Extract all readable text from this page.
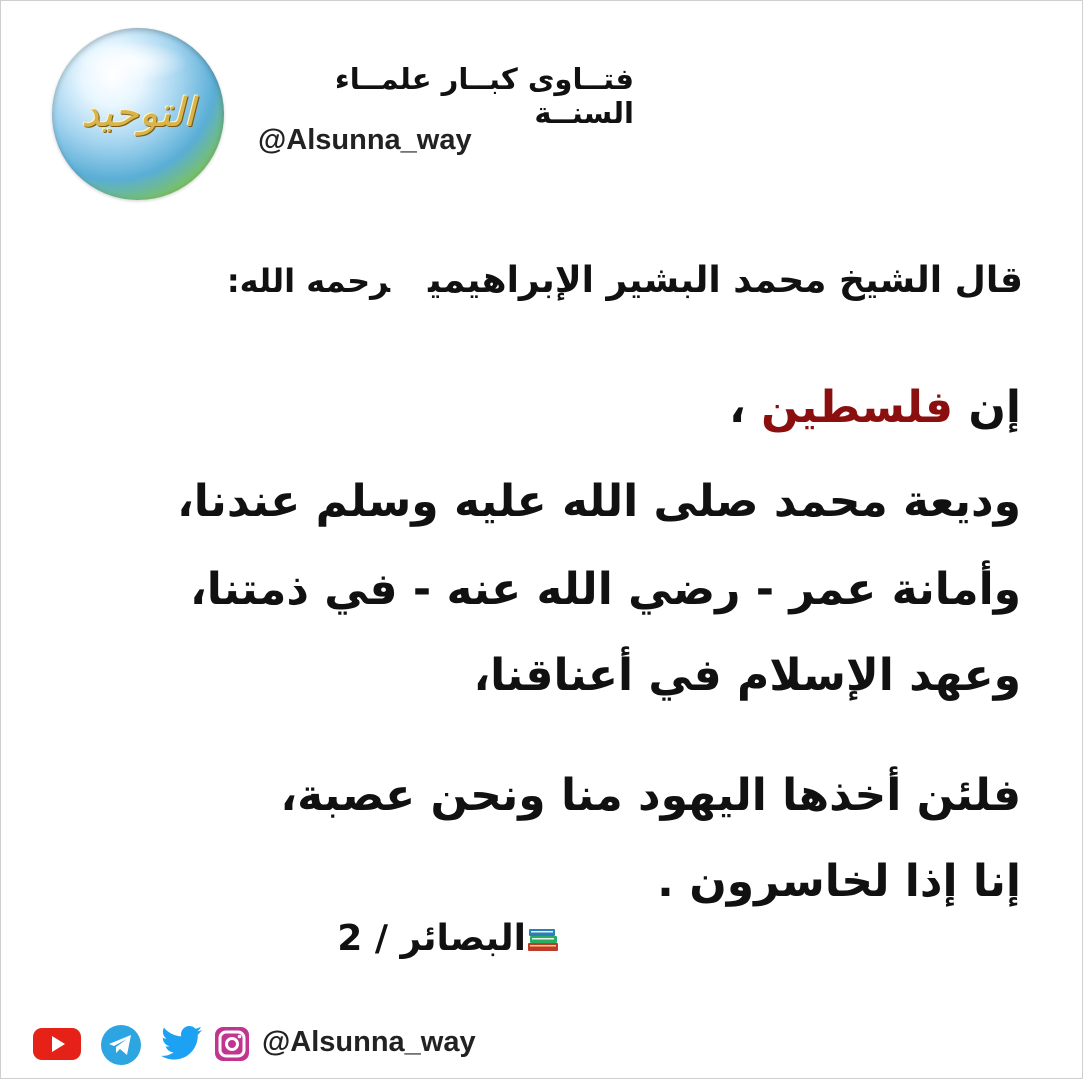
التوحيد
فتــاوى كبــار علمــاء السنــة
@Alsunna_way
قال الشيخ محمد البشير الإبراهيميرحمه الله:
إن فلسطين ،
وديعة محمد صلى الله عليه وسلم عندنا،
وأمانة عمر - رضي الله عنه - في ذمتنا،
وعهد الإسلام في أعناقنا،
فلئن أخذها اليهود منا ونحن عصبة،
إنا إذا لخاسرون .
البصائر / 2
@Alsunna_way
